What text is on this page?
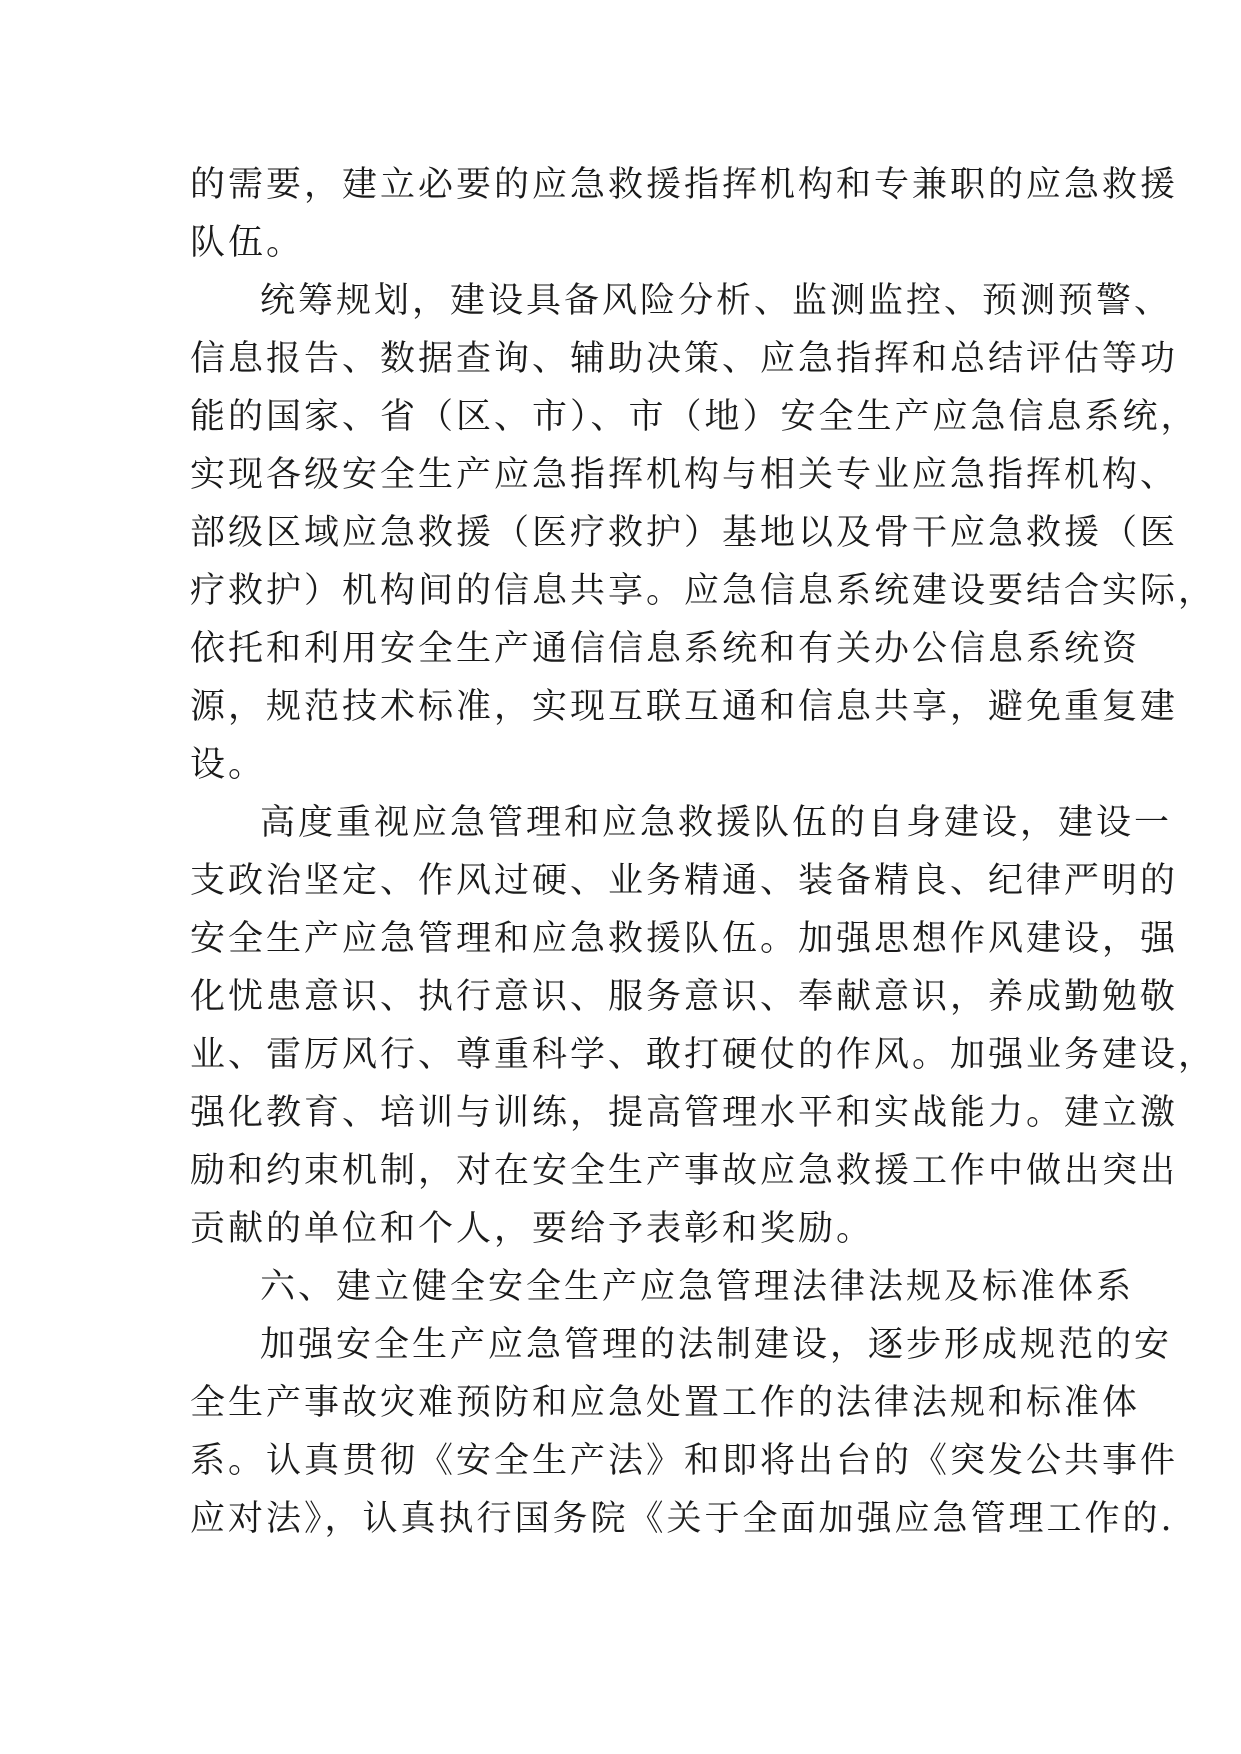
的需要，建立必要的应急救援指挥机构和专兼职的应急救援
队伍。
统筹规划，建设具备风险分析、监测监控、预测预警、
信息报告、数据查询、辅助决策、应急指挥和总结评估等功
能的国家、省（区、市）、市（地）安全生产应急信息系统，
实现各级安全生产应急指挥机构与相关专业应急指挥机构、
部级区域应急救援（医疗救护）基地以及骨干应急救援（医
疗救护）机构间的信息共享。应急信息系统建设要结合实际，
依托和利用安全生产通信信息系统和有关办公信息系统资
源，规范技术标准，实现互联互通和信息共享，避免重复建
设。
高度重视应急管理和应急救援队伍的自身建设，建设一
支政治坚定、作风过硬、业务精通、装备精良、纪律严明的
安全生产应急管理和应急救援队伍。加强思想作风建设，强
化忧患意识、执行意识、服务意识、奉献意识，养成勤勉敬
业、雷厉风行、尊重科学、敢打硬仗的作风。加强业务建设，
强化教育、培训与训练，提高管理水平和实战能力。建立激
励和约束机制，对在安全生产事故应急救援工作中做出突出
贡献的单位和个人，要给予表彰和奖励。
六、建立健全安全生产应急管理法律法规及标准体系
加强安全生产应急管理的法制建设，逐步形成规范的安
全生产事故灾难预防和应急处置工作的法律法规和标准体
系。认真贯彻《安全生产法》和即将出台的《突发公共事件
应对法》，认真执行国务院《关于全面加强应急管理工作的.
